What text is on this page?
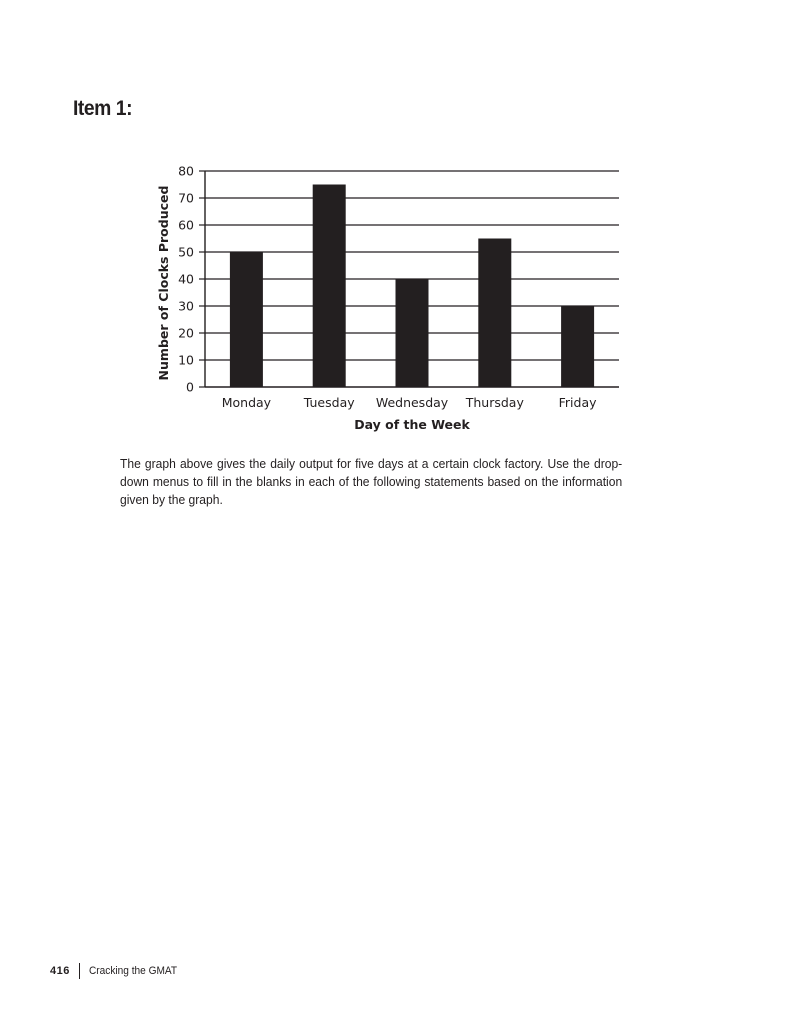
Item 1:
0
10
20
30
40
50
60
70
80
Monday	Tuesday Wednesday Thursday	Friday
Number of Clocks Produced
Day of the Week

The graph above gives the daily output for five days at a certain clock factory. Use the drop-down menus to fill in the blanks in each of the following statements based on the information given by the graph.

416 Cracking the GMAT
